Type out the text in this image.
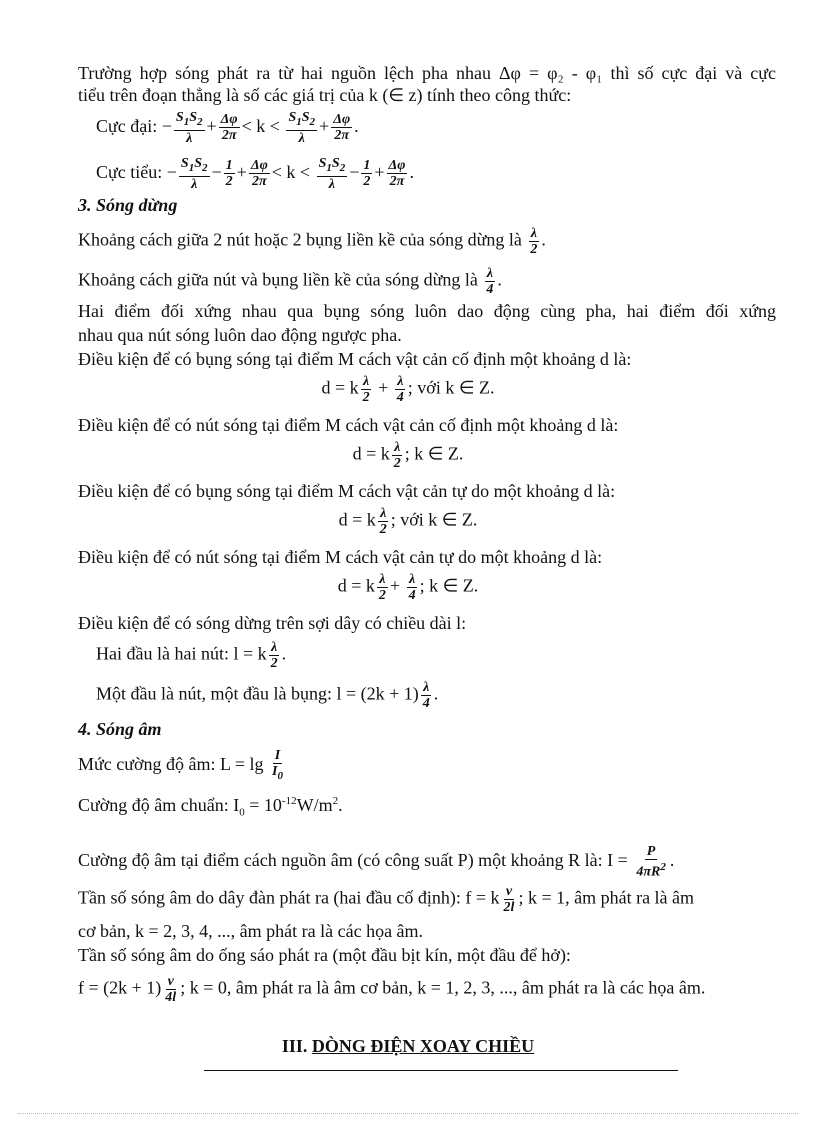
Trường hợp sóng phát ra từ hai nguồn lệch pha nhau Δφ = φ₂ - φ₁ thì số cực đại và cực
tiểu trên đoạn thẳng là số các giá trị của k (∈ z) tính theo công thức:
Cực đại: − $\frac{S_1S_2}{\lambda} + \frac{\Delta\varphi}{2\pi} < k < \frac{S_1S_2}{\lambda} + \frac{\Delta\varphi}{2\pi}$ .
Cực tiểu: − $\frac{S_1S_2}{\lambda} - \frac{1}{2} + \frac{\Delta\varphi}{2\pi} < k < \frac{S_1S_2}{\lambda} - \frac{1}{2} + \frac{\Delta\varphi}{2\pi}$ .
3. Sóng dừng
Khoảng cách giữa 2 nút hoặc 2 bụng liền kề của sóng dừng là $\frac{\lambda}{2}$ .
Khoảng cách giữa nút và bụng liền kề của sóng dừng là $\frac{\lambda}{4}$ .
Hai điểm đối xứng nhau qua bụng sóng luôn dao động cùng pha, hai điểm đối xứng
nhau qua nút sóng luôn dao động ngược pha.
Điều kiện để có bụng sóng tại điểm M cách vật cản cố định một khoảng d là:
d = k $\frac{\lambda}{2} + \frac{\lambda}{4}$ ; với k ∈ Z.
Điều kiện để có nút sóng tại điểm M cách vật cản cố định một khoảng d là:
d = k $\frac{\lambda}{2}$ ; k ∈ Z.
Điều kiện để có bụng sóng tại điểm M cách vật cản tự do một khoảng d là:
d = k $\frac{\lambda}{2}$ ; với k ∈ Z.
Điều kiện để có nút sóng tại điểm M cách vật cản tự do một khoảng d là:
d = k $\frac{\lambda}{2} + \frac{\lambda}{4}$ ; k ∈ Z.
Điều kiện để có sóng dừng trên sợi dây có chiều dài l:
Hai đầu là hai nút: l = k $\frac{\lambda}{2}$ .
Một đầu là nút, một đầu là bụng: $l = (2k + 1) \frac{\lambda}{4}$ .
4. Sóng âm
Mức cường độ âm: $L = \lg \frac{I}{I_0}$
Cường độ âm chuẩn: $I_0 = 10^{-12}W/m^2$.
Cường độ âm tại điểm cách nguồn âm (có công suất P) một khoảng R là: $I = \frac{P}{4\pi R^2}$ .
Tần số sóng âm do dây đàn phát ra (hai đầu cố định): f = k $\frac{v}{2l}$ ; k = 1, âm phát ra là âm
cơ bản, k = 2, 3, 4, ..., âm phát ra là các họa âm.
Tần số sóng âm do ống sáo phát ra (một đầu bịt kín, một đầu để hở):
$f = (2k + 1) \frac{v}{4l}$ ; k = 0, âm phát ra là âm cơ bản, k = 1, 2, 3, ..., âm phát ra là các họa âm.
III. DÒNG ĐIỆN XOAY CHIỀU
